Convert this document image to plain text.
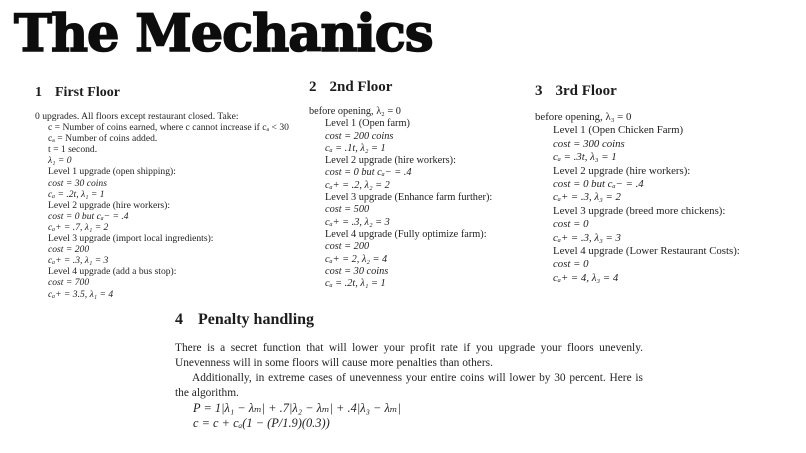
The Mechanics
1 First Floor
0 upgrades. All floors except restaurant closed. Take:
c = Number of coins earned, where c cannot increase if cₐ < 30
cₐ = Number of coins added.
t = 1 second.
λ₁ = 0
Level 1 upgrade (open shipping):
cost = 30 coins
cₐ = .2t, λ₁ = 1
Level 2 upgrade (hire workers):
cost = 0 but cₐ− = .4
cₐ+ = .7, λ₁ = 2
Level 3 upgrade (import local ingredients):
cost = 200
cₐ+ = .3, λ₁ = 3
Level 4 upgrade (add a bus stop):
cost = 700
cₐ+ = 3.5, λ₁ = 4
2 2nd Floor
before opening, λ₂ = 0
Level 1 (Open farm)
cost = 200 coins
cₐ = .1t, λ₂ = 1
Level 2 upgrade (hire workers):
cost = 0 but cₐ− = .4
cₐ+ = .2, λ₂ = 2
Level 3 upgrade (Enhance farm further):
cost = 500
cₐ+ = .3, λ₂ = 3
Level 4 upgrade (Fully optimize farm):
cost = 200
cₐ+ = 2, λ₂ = 4
cost = 30 coins
cₐ = .2t, λ₁ = 1
3 3rd Floor
before opening, λ₃ = 0
Level 1 (Open Chicken Farm)
cost = 300 coins
cₐ = .3t, λ₃ = 1
Level 2 upgrade (hire workers):
cost = 0 but cₐ− = .4
cₐ+ = .3, λ₃ = 2
Level 3 upgrade (breed more chickens):
cost = 0
cₐ+ = .3, λ₃ = 3
Level 4 upgrade (Lower Restaurant Costs):
cost = 0
cₐ+ = 4, λ₃ = 4
4 Penalty handling

There is a secret function that will lower your profit rate if you upgrade your floors unevenly. Unevenness will in some floors will cause more penalties than others.

Additionally, in extreme cases of unevenness your entire coins will lower by 30 percent. Here is the algorithm.

P = 1|λ₁ − λₘ| + .7|λ₂ − λₘ| + .4|λ₃ − λₘ|
c = c + cₐ(1 − (P/1.9)(0.3))
